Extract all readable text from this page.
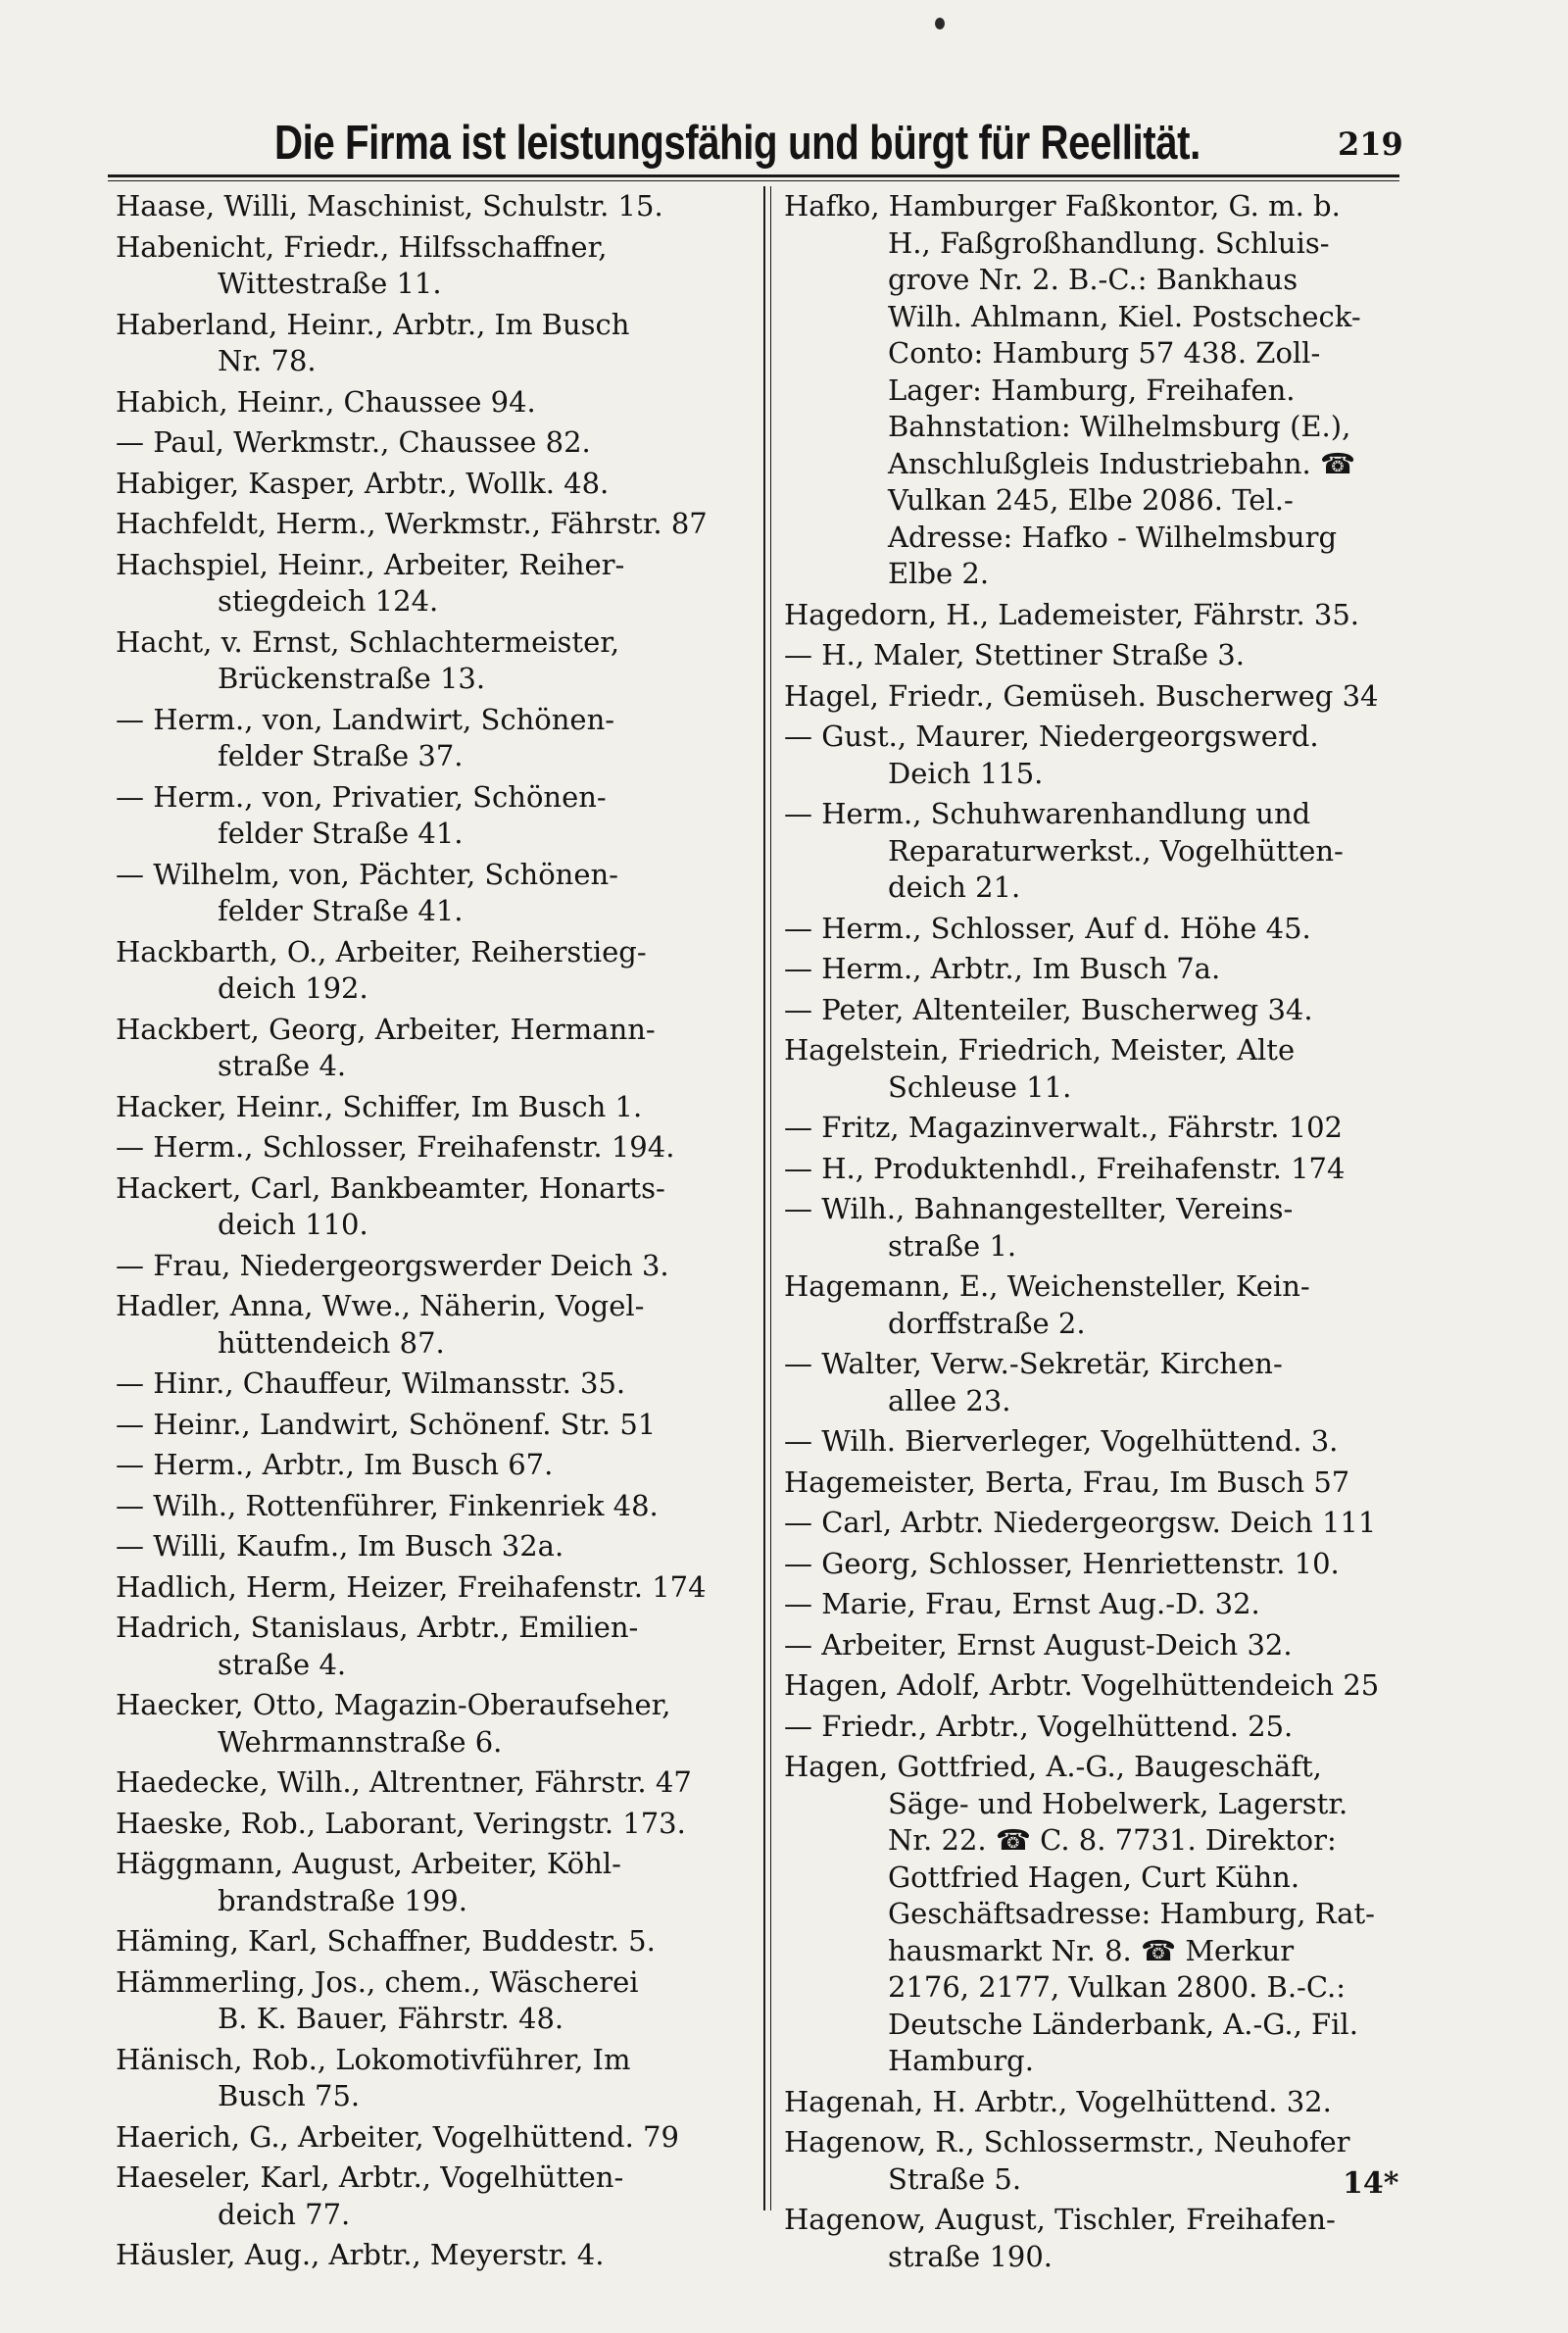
Die Firma ist leistungsfähig und bürgt für Reellität.	219
Haase, Willi, Maschinist, Schulstr. 15.
Habenicht, Friedr., Hilfsschaffner,
Wittestraße 11.
Haberland, Heinr., Arbtr., Im Busch
Nr. 78.
Habich, Heinr., Chaussee 94.
— Paul, Werkmstr., Chaussee 82.
Habiger, Kasper, Arbtr., Wollk. 48.
Hachfeldt, Herm., Werkmstr., Fährstr. 87
Hachspiel, Heinr., Arbeiter, Reiher-
stiegdeich 124.
Hacht, v. Ernst, Schlachtermeister,
Brückenstraße 13.
— Herm., von, Landwirt, Schönen-
felder Straße 37.
— Herm., von, Privatier, Schönen-
felder Straße 41.
— Wilhelm, von, Pächter, Schönen-
felder Straße 41.
Hackbarth, O., Arbeiter, Reiherstieg-
deich 192.
Hackbert, Georg, Arbeiter, Hermann-
straße 4.
Hacker, Heinr., Schiffer, Im Busch 1.
— Herm., Schlosser, Freihafenstr. 194.
Hackert, Carl, Bankbeamter, Honarts-
deich 110.
— Frau, Niedergeorgswerder Deich 3.
Hadler, Anna, Wwe., Näherin, Vogel-
hüttendeich 87.
— Hinr., Chauffeur, Wilmansstr. 35.
— Heinr., Landwirt, Schönenf. Str. 51
— Herm., Arbtr., Im Busch 67.
— Wilh., Rottenführer, Finkenriek 48.
— Willi, Kaufm., Im Busch 32a.
Hadlich, Herm, Heizer, Freihafenstr. 174
Hadrich, Stanislaus, Arbtr., Emilien-
straße 4.
Haecker, Otto, Magazin-Oberaufseher,
Wehrmannstraße 6.
Haedecke, Wilh., Altrentner, Fährstr. 47
Haeske, Rob., Laborant, Veringstr. 173.
Häggmann, August, Arbeiter, Köhl-
brandstraße 199.
Häming, Karl, Schaffner, Buddestr. 5.
Hämmerling, Jos., chem., Wäscherei
B. K. Bauer, Fährstr. 48.
Hänisch, Rob., Lokomotivführer, Im
Busch 75.
Haerich, G., Arbeiter, Vogelhüttend. 79
Haeseler, Karl, Arbtr., Vogelhütten-
deich 77.
Häusler, Aug., Arbtr., Meyerstr. 4.
Hafko, Hamburger Faßkontor, G. m. b.
H., Faßgroßhandlung. Schluis-
grove Nr. 2. B.-C.: Bankhaus
Wilh. Ahlmann, Kiel. Postscheck-
Conto: Hamburg 57 438. Zoll-
Lager: Hamburg, Freihafen.
Bahnstation: Wilhelmsburg (E.),
Anschlußgleis Industriebahn. ☎
Vulkan 245, Elbe 2086. Tel.-
Adresse: Hafko - Wilhelmsburg
Elbe 2.
Hagedorn, H., Lademeister, Fährstr. 35.
— H., Maler, Stettiner Straße 3.
Hagel, Friedr., Gemüseh. Buscherweg 34
— Gust., Maurer, Niedergeorgswerd.
Deich 115.
— Herm., Schuhwarenhandlung und
Reparaturwerkst., Vogelhütten-
deich 21.
— Herm., Schlosser, Auf d. Höhe 45.
— Herm., Arbtr., Im Busch 7a.
— Peter, Altenteiler, Buscherweg 34.
Hagelstein, Friedrich, Meister, Alte
Schleuse 11.
— Fritz, Magazinverwalt., Fährstr. 102
— H., Produktenhdl., Freihafenstr. 174
— Wilh., Bahnangestellter, Vereins-
straße 1.
Hagemann, E., Weichensteller, Kein-
dorffstraße 2.
— Walter, Verw.-Sekretär, Kirchen-
allee 23.
— Wilh. Bierverleger, Vogelhüttend. 3.
Hagemeister, Berta, Frau, Im Busch 57
— Carl, Arbtr. Niedergeorgsw. Deich 111
— Georg, Schlosser, Henriettenstr. 10.
— Marie, Frau, Ernst Aug.-D. 32.
— Arbeiter, Ernst August-Deich 32.
Hagen, Adolf, Arbtr. Vogelhüttendeich 25
— Friedr., Arbtr., Vogelhüttend. 25.
Hagen, Gottfried, A.-G., Baugeschäft,
Säge- und Hobelwerk, Lagerstr.
Nr. 22. ☎ C. 8. 7731. Direktor:
Gottfried Hagen, Curt Kühn.
Geschäftsadresse: Hamburg, Rat-
hausmarkt Nr. 8. ☎ Merkur
2176, 2177, Vulkan 2800. B.-C.:
Deutsche Länderbank, A.-G., Fil.
Hamburg.
Hagenah, H. Arbtr., Vogelhüttend. 32.
Hagenow, R., Schlossermstr., Neuhofer
Straße 5.
Hagenow, August, Tischler, Freihafen-
straße 190.
14*
